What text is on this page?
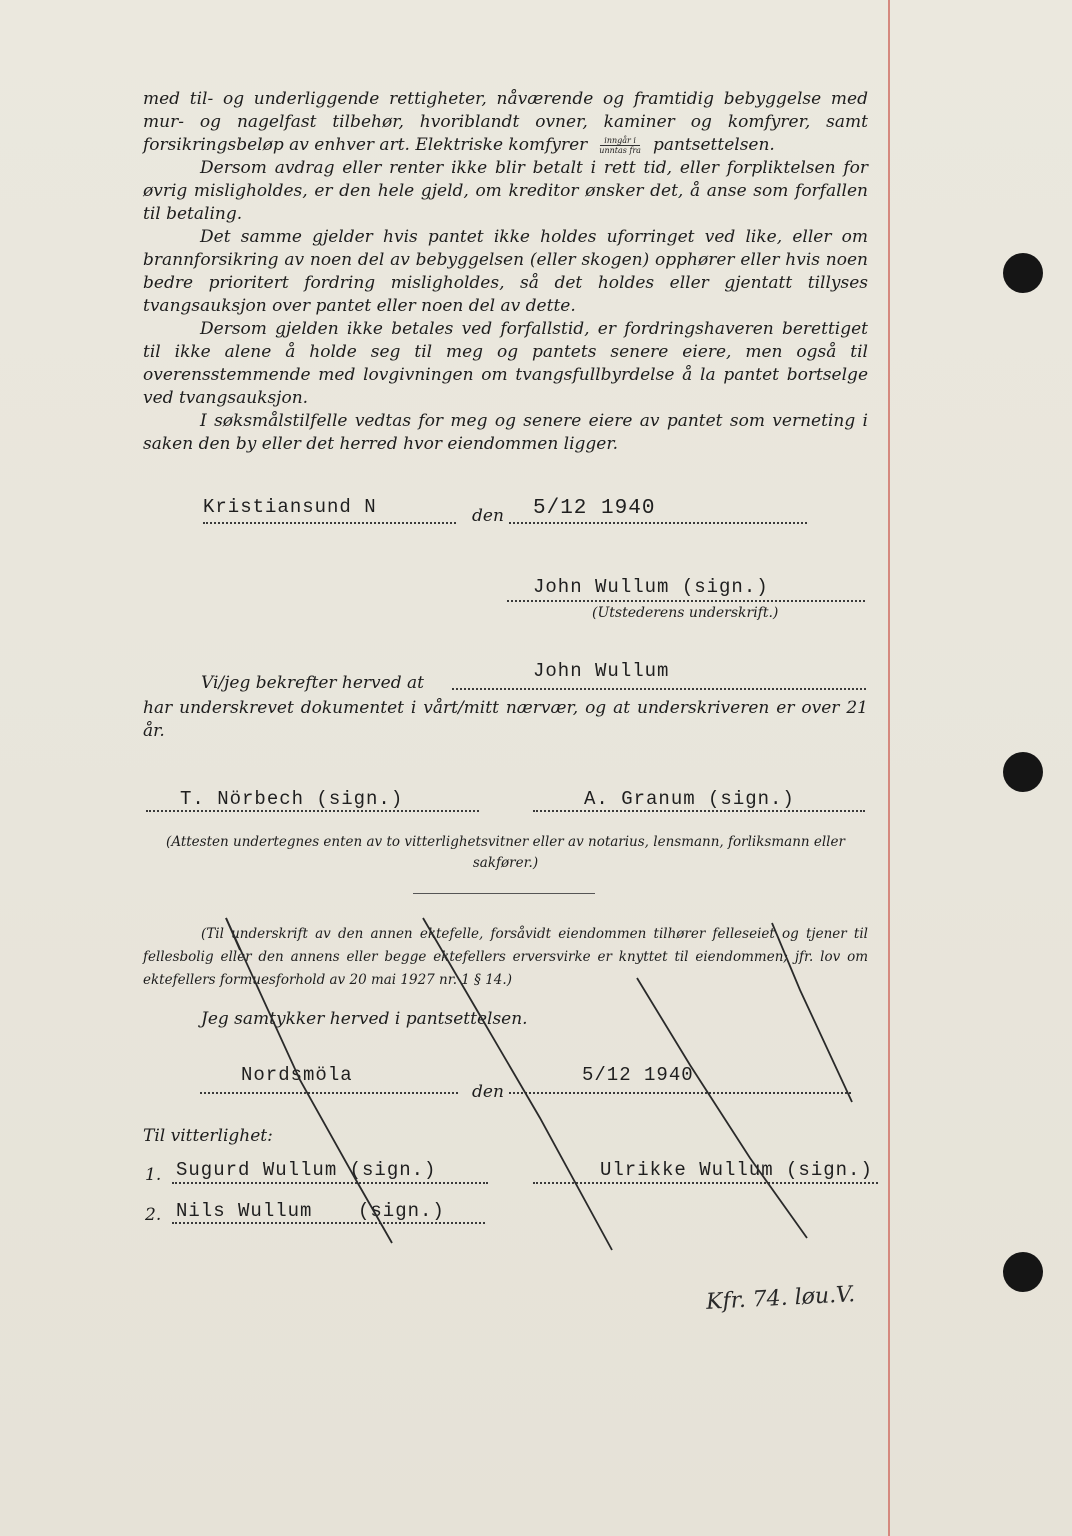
med til- og underliggende rettigheter, nåværende og framtidig bebyggelse med mur- og nagelfast tilbehør, hvoriblandt ovner, kaminer og komfyrer, samt forsikringsbeløp av enhver art. Elektriske komfyrer $\frac{\text{inngår i}}{\text{unntas fra}}$ pantsettelsen.

Dersom avdrag eller renter ikke blir betalt i rett tid, eller forpliktelsen for øvrig misligholdes, er den hele gjeld, om kreditor ønsker det, å anse som forfallen til betaling.

Det samme gjelder hvis pantet ikke holdes uforringet ved like, eller om brannforsikring av noen del av bebyggelsen (eller skogen) opphører eller hvis noen bedre prioritert fordring misligholdes, så det holdes eller gjentatt tillyses tvangsauksjon over pantet eller noen del av dette.

Dersom gjelden ikke betales ved forfallstid, er fordringshaveren berettiget til ikke alene å holde seg til meg og pantets senere eiere, men også til overensstemmende med lovgivningen om tvangsfullbyrdelse å la pantet bortselge ved tvangsauksjon.

I søksmålstilfelle vedtas for meg og senere eiere av pantet som verneting i saken den by eller det herred hvor eiendommen ligger.

Kristiansund N	den 5/12 1940
John Wullum (sign.)
(Utstederens underskrift.)
Vi/jeg bekrefter herved at
John Wullum
har underskrevet dokumentet i vårt/mitt nærvær, og at underskriveren er over 21 år.
T. Nörbech (sign.)	A. Granum (sign.)
(Attesten undertegnes enten av to vitterlighetsvitner eller av notarius, lensmann, forliksmann eller sakfører.)
(Til underskrift av den annen ektefelle, forsåvidt eiendommen tilhører felleseiet og tjener til fellesbolig eller den annens eller begge ektefellers erversvirke er knyttet til eiendommen; jfr. lov om ektefellers formuesforhold av 20 mai 1927 nr. 1 § 14.)
Jeg samtykker herved i pantsettelsen.
Nordsmöla
den
5/12 1940
Til vitterlighet:
1. Sugurd Wullum (sign.)	Ulrikke Wullum (sign.)
2. Nils Wullum (sign.)
Kfr. 74. løu.V.
